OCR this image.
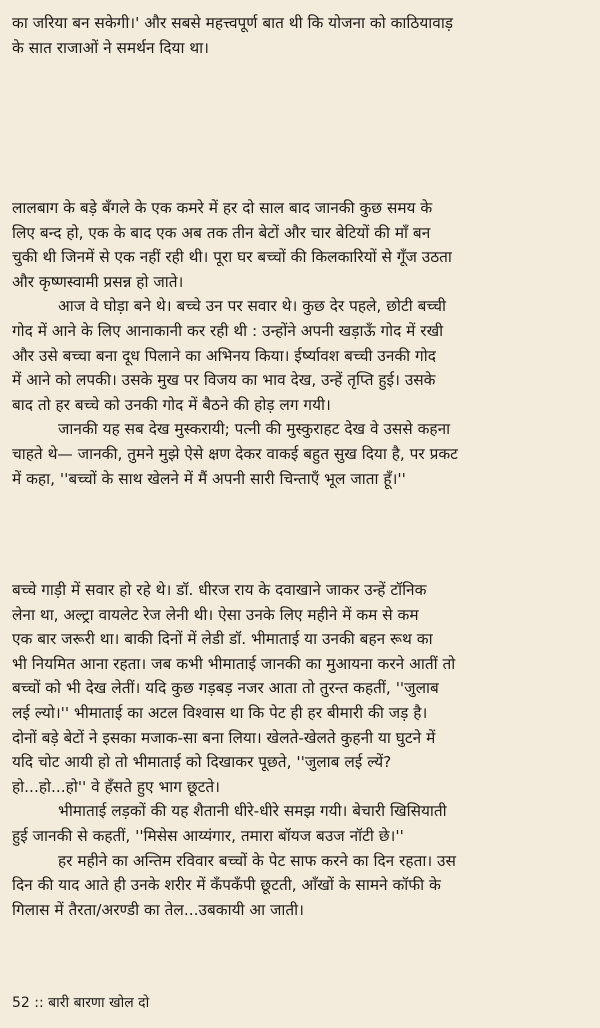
का जरिया बन सकेगी।' और सबसे महत्त्वपूर्ण बात थी कि योजना को काठियावाड़
के सात राजाओं ने समर्थन दिया था।
लालबाग के बड़े बँगले के एक कमरे में हर दो साल बाद जानकी कुछ समय के
लिए बन्द हो, एक के बाद एक अब तक तीन बेटों और चार बेटियों की माँ बन
चुकी थी जिनमें से एक नहीं रही थी। पूरा घर बच्चों की किलकारियों से गूँज उठता
और कृष्णस्वामी प्रसन्न हो जाते।
आज वे घोड़ा बने थे। बच्चे उन पर सवार थे। कुछ देर पहले, छोटी बच्ची
गोद में आने के लिए आनाकानी कर रही थी : उन्होंने अपनी खड़ाऊँ गोद में रखी
और उसे बच्चा बना दूध पिलाने का अभिनय किया। ईर्ष्यावश बच्ची उनकी गोद
में आने को लपकी। उसके मुख पर विजय का भाव देख, उन्हें तृप्ति हुई। उसके
बाद तो हर बच्चे को उनकी गोद में बैठने की होड़ लग गयी।
जानकी यह सब देख मुस्करायी; पत्नी की मुस्कुराहट देख वे उससे कहना
चाहते थे— जानकी, तुमने मुझे ऐसे क्षण देकर वाकई बहुत सुख दिया है, पर प्रकट
में कहा, ''बच्चों के साथ खेलने में मैं अपनी सारी चिन्ताएँ भूल जाता हूँ।''
बच्चे गाड़ी में सवार हो रहे थे। डॉ. धीरज राय के दवाखाने जाकर उन्हें टॉनिक
लेना था, अल्ट्रा वायलेट रेज लेनी थी। ऐसा उनके लिए महीने में कम से कम
एक बार जरूरी था। बाकी दिनों में लेडी डॉ. भीमाताई या उनकी बहन रूथ का
भी नियमित आना रहता। जब कभी भीमाताई जानकी का मुआयना करने आतीं तो
बच्चों को भी देख लेतीं। यदि कुछ गड़बड़ नजर आता तो तुरन्त कहतीं, ''जुलाब
लई ल्यो।'' भीमाताई का अटल विश्वास था कि पेट ही हर बीमारी की जड़ है।
दोनों बड़े बेटों ने इसका मजाक-सा बना लिया। खेलते-खेलते कुहनी या घुटने में
यदि चोट आयी हो तो भीमाताई को दिखाकर पूछते, ''जुलाब लई ल्यें?
हो...हो...हो'' वे हँसते हुए भाग छूटते।
भीमाताई लड़कों की यह शैतानी धीरे-धीरे समझ गयी। बेचारी खिसियाती
हुई जानकी से कहतीं, ''मिसेस आय्यंगार, तमारा बॉयज बउज नॉटी छे।''
हर महीने का अन्तिम रविवार बच्चों के पेट साफ करने का दिन रहता। उस
दिन की याद आते ही उनके शरीर में कँपकँपी छूटती, आँखों के सामने कॉफी के
गिलास में तैरता/अरण्डी का तेल...उबकायी आ जाती।
52 :: बारी बारणा खोल दो
